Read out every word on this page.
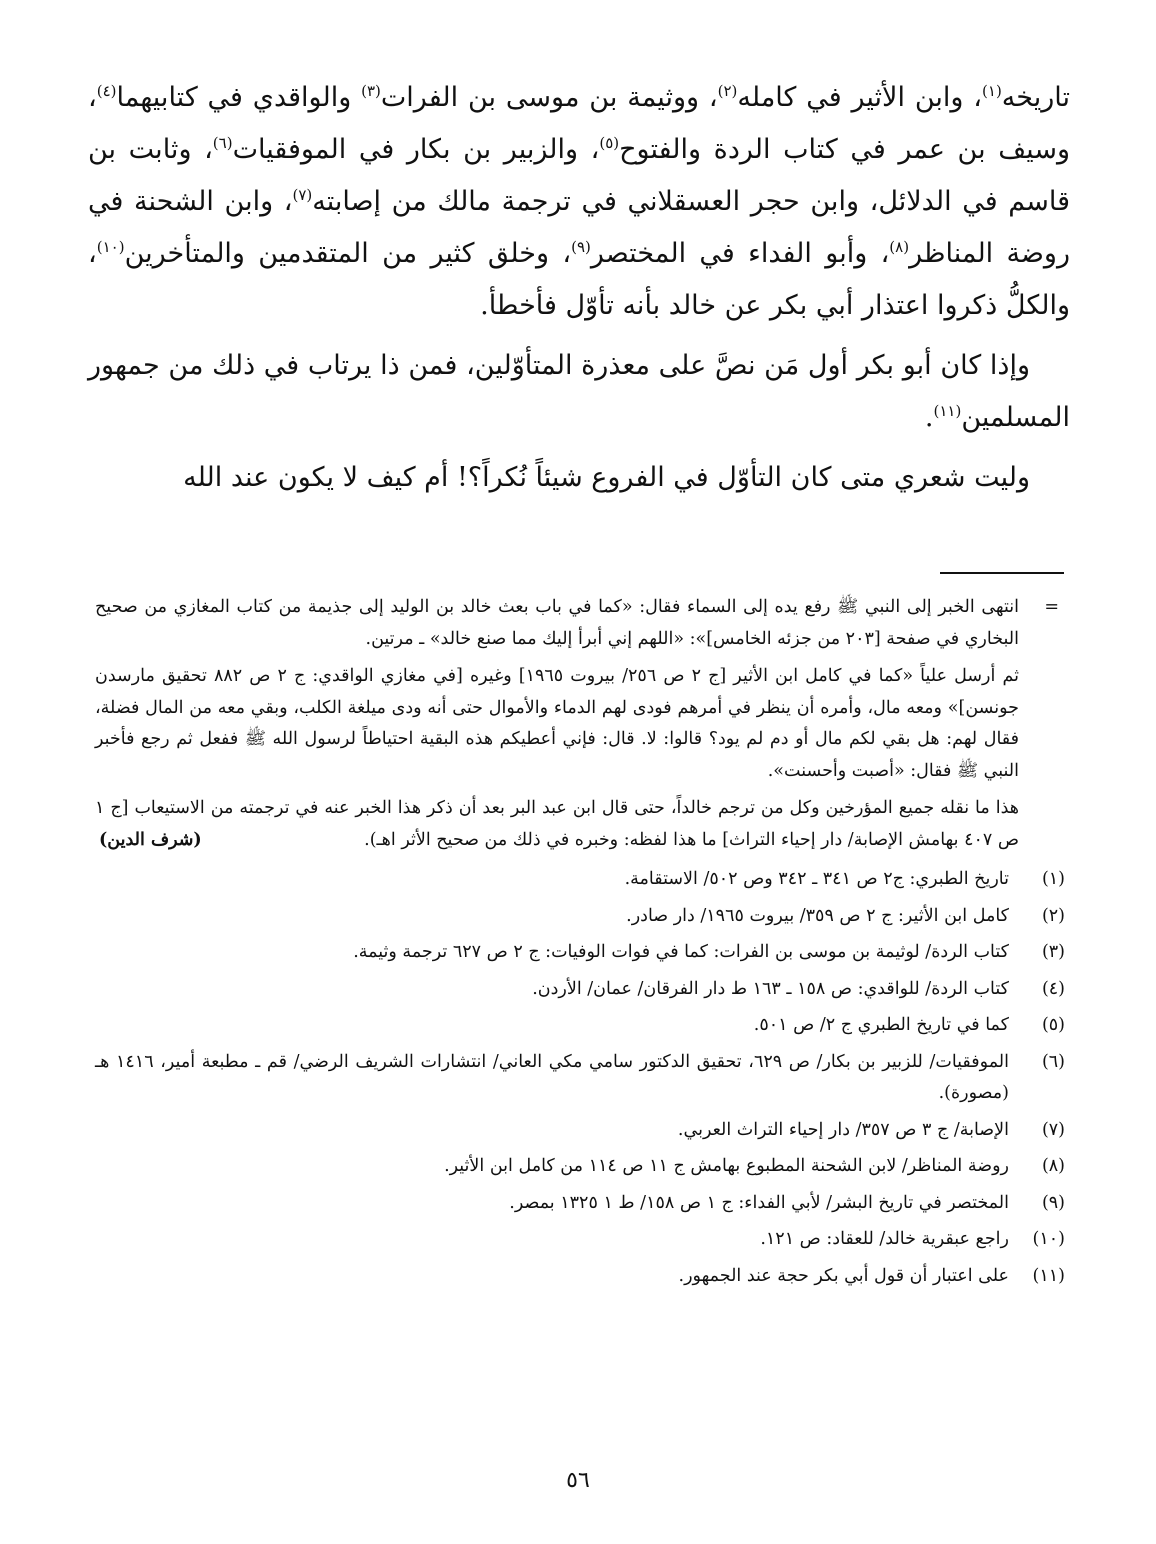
تاريخه$^{(١)}$، وابن الأثير في كامله$^{(٢)}$، ووثيمة بن موسى بن الفرات$^{(٣)}$ والواقدي في كتابيهما$^{(٤)}$، وسيف بن عمر في كتاب الردة والفتوح$^{(٥)}$، والزبير بن بكار في الموفقيات$^{(٦)}$، وثابت بن قاسم في الدلائل، وابن حجر العسقلاني في ترجمة مالك من إصابته$^{(٧)}$، وابن الشحنة في روضة المناظر$^{(٨)}$، وأبو الفداء في المختصر$^{(٩)}$، وخلق كثير من المتقدمين والمتأخرين$^{(١٠)}$، والكلُّ ذكروا اعتذار أبي بكر عن خالد بأنه تأوّل فأخطأ.

وإذا كان أبو بكر أول مَن نصَّ على معذرة المتأوّلين، فمن ذا يرتاب في ذلك من جمهور المسلمين$^{(١١)}$.

وليت شعري متى كان التأوّل في الفروع شيئاً نُكراً؟! أم كيف لا يكون عند الله

=

انتهى الخبر إلى النبي ﷺ رفع يده إلى السماء فقال: «كما في باب بعث خالد بن الوليد إلى جذيمة من كتاب المغازي من صحيح البخاري في صفحة [٢٠٣ من جزئه الخامس]»: «اللهم إني أبرأ إليك مما صنع خالد» ـ مرتين.

ثم أرسل علياً «كما في كامل ابن الأثير [ج ٢ ص ٢٥٦/ بيروت ١٩٦٥] وغيره [في مغازي الواقدي: ج ٢ ص ٨٨٢ تحقيق مارسدن جونسن]» ومعه مال، وأمره أن ينظر في أمرهم فودى لهم الدماء والأموال حتى أنه ودى ميلغة الكلب، وبقي معه من المال فضلة، فقال لهم: هل بقي لكم مال أو دم لم يود؟ قالوا: لا. قال: فإني أعطيكم هذه البقية احتياطاً لرسول الله ﷺ ففعل ثم رجع فأخبر النبي ﷺ فقال: «أصبت وأحسنت».

هذا ما نقله جميع المؤرخين وكل من ترجم خالداً، حتى قال ابن عبد البر بعد أن ذكر هذا الخبر عنه في ترجمته من الاستيعاب [ج ١ ص ٤٠٧ بهامش الإصابة/ دار إحياء التراث] ما هذا لفظه: وخبره في ذلك من صحيح الأثر اهـ).
(شرف الدين)

(١)
تاريخ الطبري: ج٢ ص ٣٤١ ـ ٣٤٢ وص ٥٠٢/ الاستقامة.
(٢)
كامل ابن الأثير: ج ٢ ص ٣٥٩/ بيروت ١٩٦٥/ دار صادر.
(٣)
كتاب الردة/ لوثيمة بن موسى بن الفرات: كما في فوات الوفيات: ج ٢ ص ٦٢٧ ترجمة وثيمة.
(٤)
كتاب الردة/ للواقدي: ص ١٥٨ ـ ١٦٣ ط دار الفرقان/ عمان/ الأردن.
(٥)
كما في تاريخ الطبري ج ٢/ ص ٥٠١.
(٦)
الموفقيات/ للزبير بن بكار/ ص ٦٢٩، تحقيق الدكتور سامي مكي العاني/ انتشارات الشريف الرضي/ قم ـ مطبعة أمير، ١٤١٦ هـ (مصورة).
(٧)
الإصابة/ ج ٣ ص ٣٥٧/ دار إحياء التراث العربي.
(٨)
روضة المناظر/ لابن الشحنة المطبوع بهامش ج ١١ ص ١١٤ من كامل ابن الأثير.
(٩)
المختصر في تاريخ البشر/ لأبي الفداء: ج ١ ص ١٥٨/ ط ١ ١٣٢٥ بمصر.
(١٠)
راجع عبقرية خالد/ للعقاد: ص ١٢١.
(١١)
على اعتبار أن قول أبي بكر حجة عند الجمهور.
٥٦
